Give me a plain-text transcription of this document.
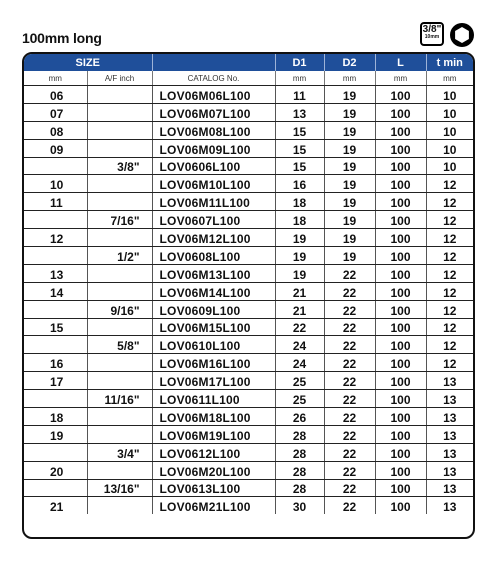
100mm long
3/8"
10mm
SIZE			D1	D2	L	t min
mm	A/F inch	CATALOG No.	mm	mm	mm	mm
06		LOV06M06L100	11	19	100	10
07		LOV06M07L100	13	19	100	10
08		LOV06M08L100	15	19	100	10
09		LOV06M09L100	15	19	100	10
	3/8"	LOV0606L100	15	19	100	10
10		LOV06M10L100	16	19	100	12
11		LOV06M11L100	18	19	100	12
	7/16"	LOV0607L100	18	19	100	12
12		LOV06M12L100	19	19	100	12
	1/2"	LOV0608L100	19	19	100	12
13		LOV06M13L100	19	22	100	12
14		LOV06M14L100	21	22	100	12
	9/16"	LOV0609L100	21	22	100	12
15		LOV06M15L100	22	22	100	12
	5/8"	LOV0610L100	24	22	100	12
16		LOV06M16L100	24	22	100	12
17		LOV06M17L100	25	22	100	13
	11/16"	LOV0611L100	25	22	100	13
18		LOV06M18L100	26	22	100	13
19		LOV06M19L100	28	22	100	13
	3/4"	LOV0612L100	28	22	100	13
20		LOV06M20L100	28	22	100	13
	13/16"	LOV0613L100	28	22	100	13
21		LOV06M21L100	30	22	100	13
